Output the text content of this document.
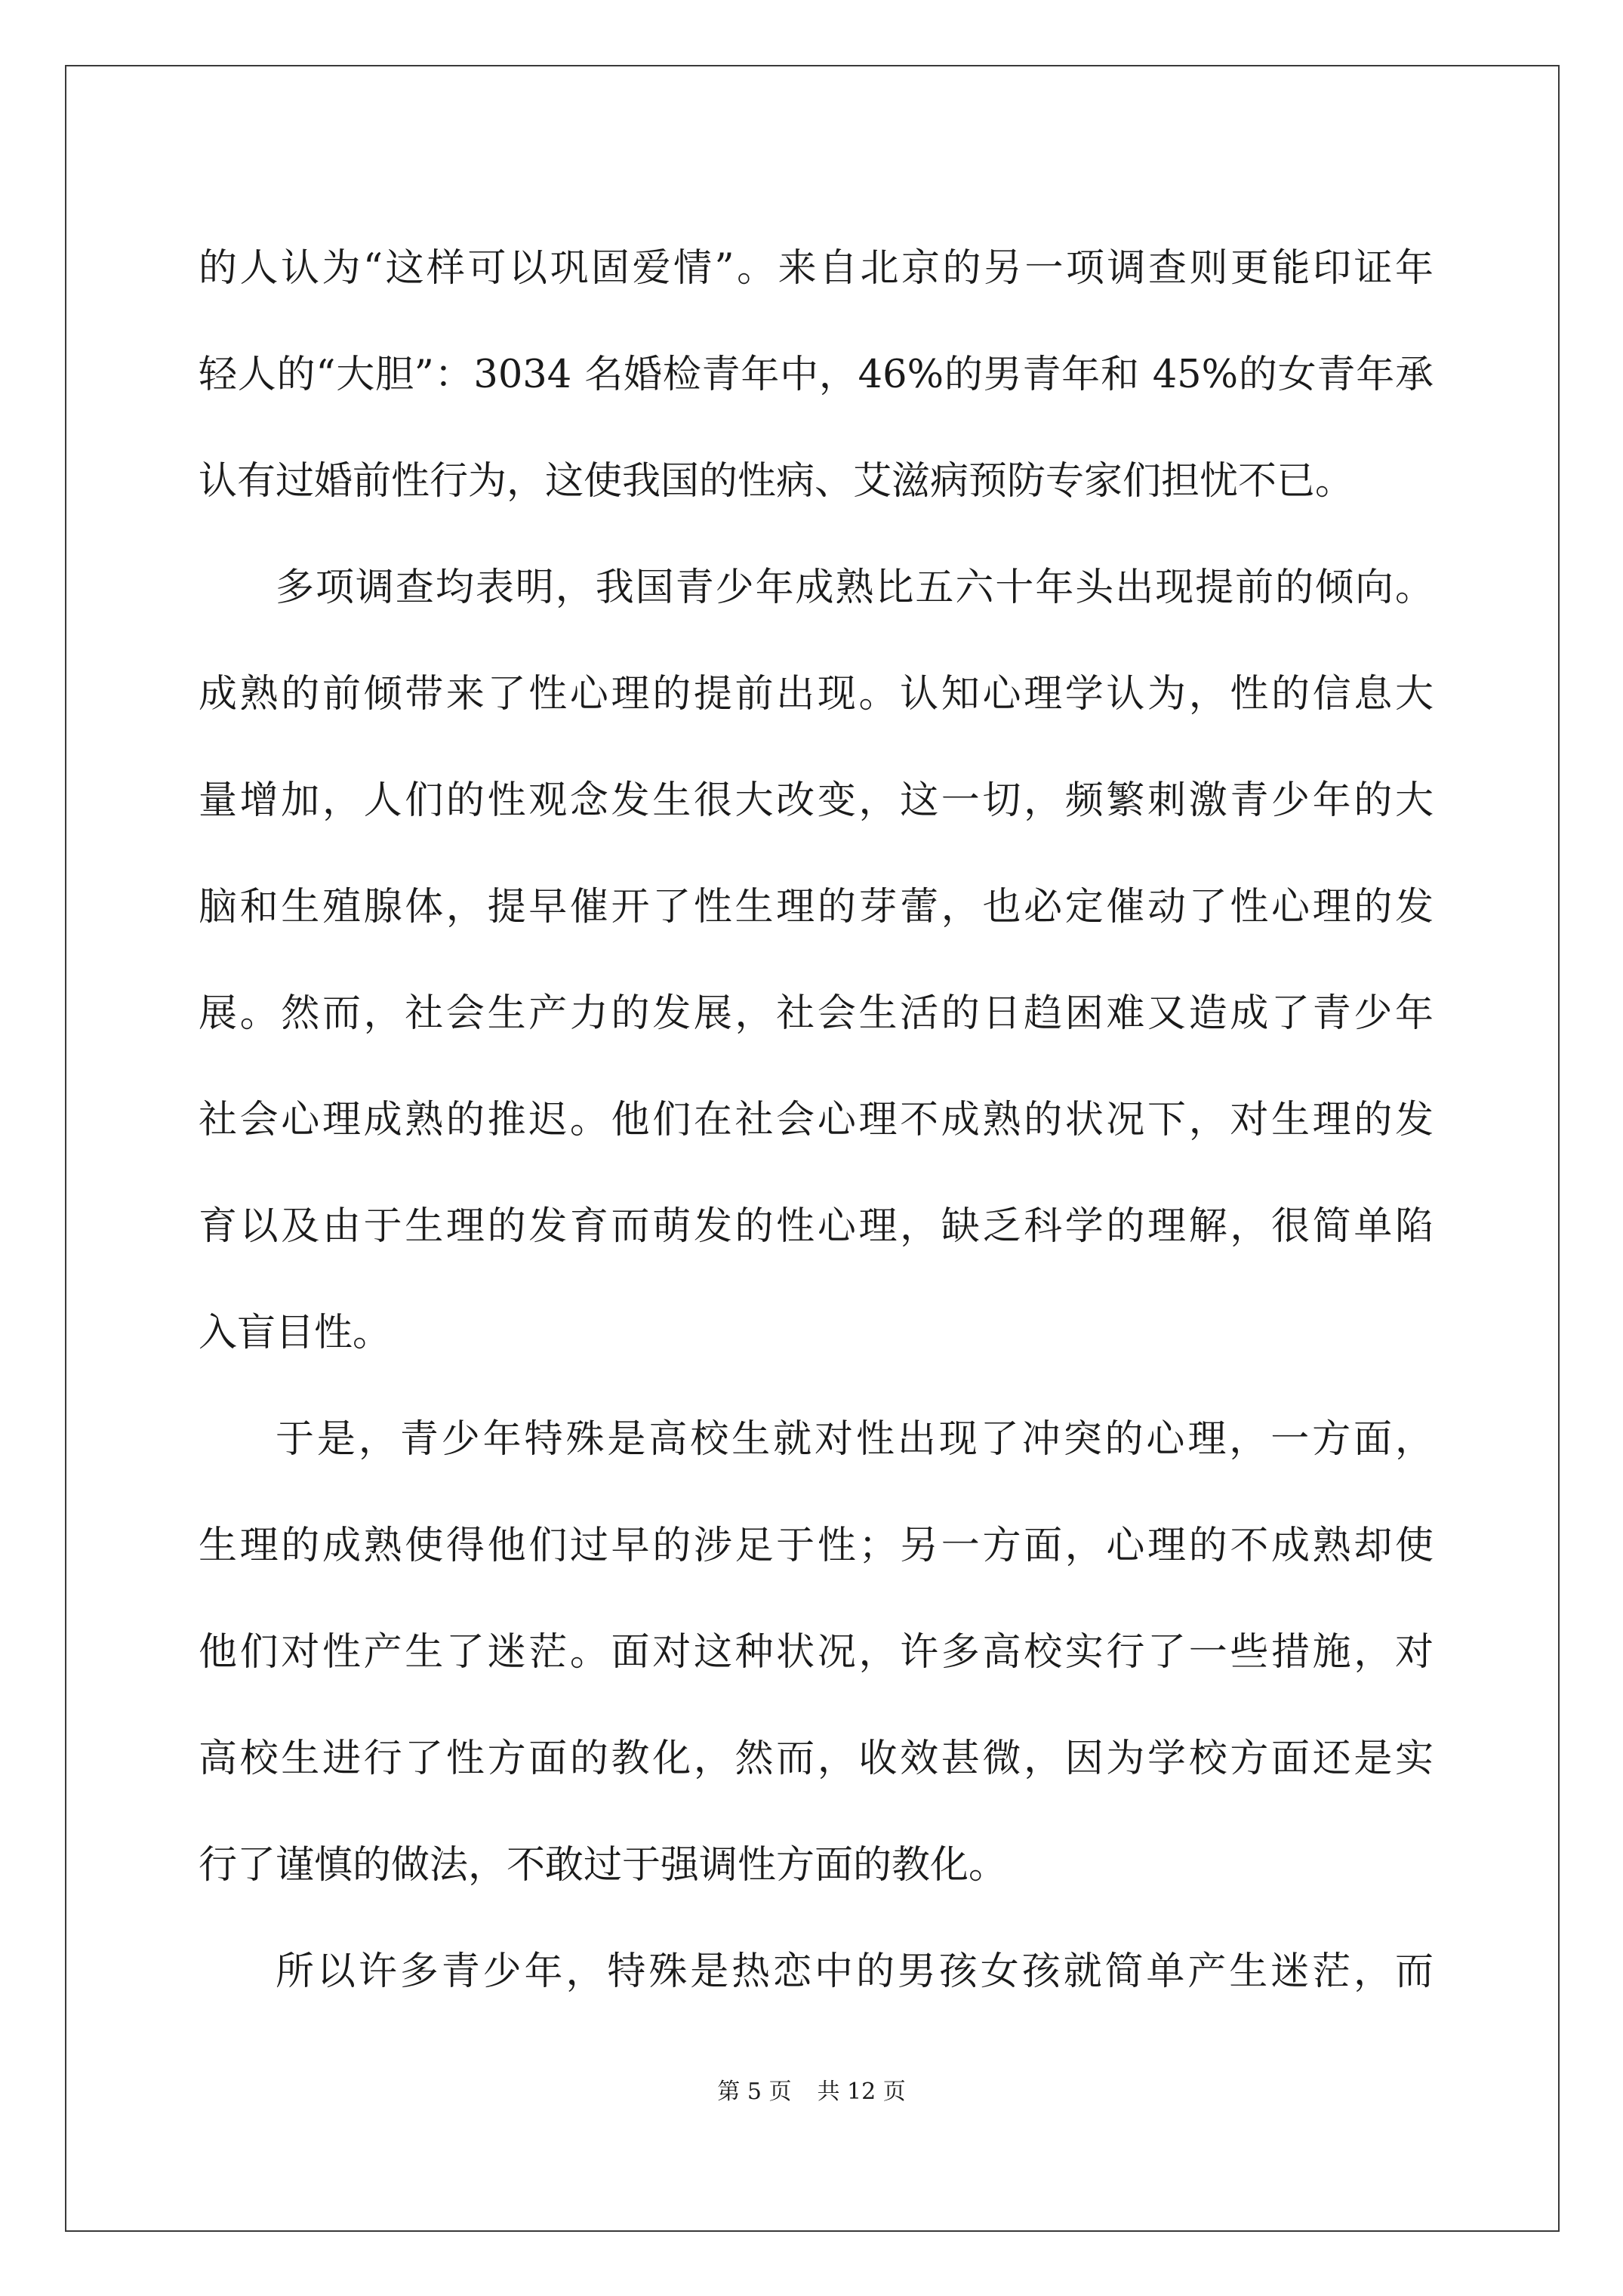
的人认为“这样可以巩固爱情”。来自北京的另一项调查则更能印证年
轻人的“大胆”：3034 名婚检青年中，46%的男青年和 45%的女青年承
认有过婚前性行为，这使我国的性病、艾滋病预防专家们担忧不已。
多项调查均表明，我国青少年成熟比五六十年头出现提前的倾向。
成熟的前倾带来了性心理的提前出现。认知心理学认为，性的信息大
量增加，人们的性观念发生很大改变，这一切，频繁刺激青少年的大
脑和生殖腺体，提早催开了性生理的芽蕾，也必定催动了性心理的发
展。然而，社会生产力的发展，社会生活的日趋困难又造成了青少年
社会心理成熟的推迟。他们在社会心理不成熟的状况下，对生理的发
育以及由于生理的发育而萌发的性心理，缺乏科学的理解，很简单陷
入盲目性。
于是，青少年特殊是高校生就对性出现了冲突的心理，一方面，
生理的成熟使得他们过早的涉足于性；另一方面，心理的不成熟却使
他们对性产生了迷茫。面对这种状况，许多高校实行了一些措施，对
高校生进行了性方面的教化，然而，收效甚微，因为学校方面还是实
行了谨慎的做法，不敢过于强调性方面的教化。
所以许多青少年，特殊是热恋中的男孩女孩就简单产生迷茫，而
第 5 页 共 12 页
